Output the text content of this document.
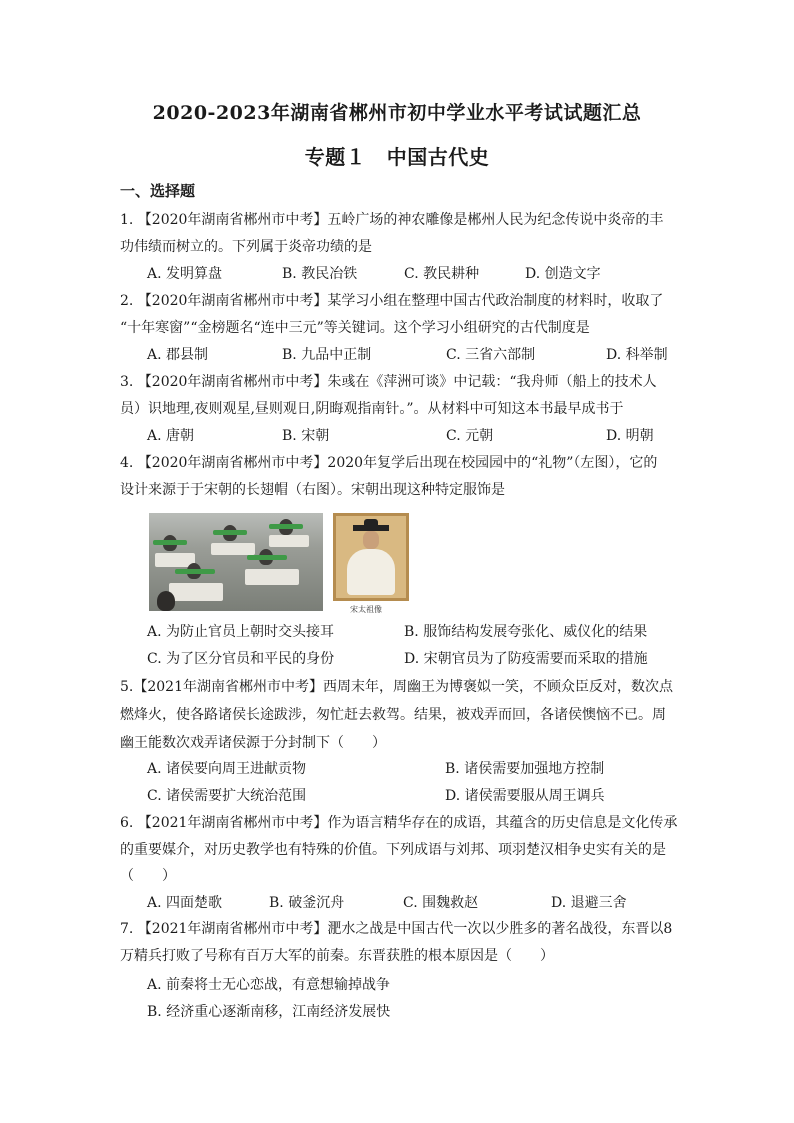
2020-2023年湖南省郴州市初中学业水平考试试题汇总
专题１　中国古代史
一、选择题
1. 【2020年湖南省郴州市中考】五岭广场的神农雕像是郴州人民为纪念传说中炎帝的丰
功伟绩而树立的。下列属于炎帝功绩的是
A. 发明算盘	B. 教民冶铁	C. 教民耕种	D. 创造文字
2. 【2020年湖南省郴州市中考】某学习小组在整理中国古代政治制度的材料时，收取了
“十年寒窗”“金榜题名“连中三元”等关键词。这个学习小组研究的古代制度是
A. 郡县制	B. 九品中正制	C. 三省六部制	D. 科举制
3. 【2020年湖南省郴州市中考】朱彧在《萍洲可谈》中记载：“我舟师（船上的技术人
员）识地理,夜则观星,昼则观日,阴晦观指南针。”。从材料中可知这本书最早成书于
A. 唐朝	B. 宋朝	C. 元朝	D. 明朝
4. 【2020年湖南省郴州市中考】2020年复学后出现在校园园中的“礼物”（左图），它的
设计来源于于宋朝的长翅帽（右图）。宋朝出现这种特定服饰是
宋太祖像
A. 为防止官员上朝时交头接耳	B. 服饰结构发展夸张化、威仪化的结果
C. 为了区分官员和平民的身份	D. 宋朝官员为了防疫需要而采取的措施
5.【2021年湖南省郴州市中考】西周末年，周幽王为博褒姒一笑，不顾众臣反对，数次点
燃烽火，使各路诸侯长途跋涉，匆忙赶去救驾。结果，被戏弄而回，各诸侯懊恼不已。周
幽王能数次戏弄诸侯源于分封制下（　　）
A. 诸侯要向周王进献贡物	B. 诸侯需要加强地方控制
C. 诸侯需要扩大统治范围	D. 诸侯需要服从周王调兵
6. 【2021年湖南省郴州市中考】作为语言精华存在的成语，其蕴含的历史信息是文化传承
的重要媒介，对历史教学也有特殊的价值。下列成语与刘邦、项羽楚汉相争史实有关的是
（　　）
A. 四面楚歌	B. 破釜沉舟	C. 围魏救赵	D. 退避三舍
7. 【2021年湖南省郴州市中考】淝水之战是中国古代一次以少胜多的著名战役，东晋以8
万精兵打败了号称有百万大军的前秦。东晋获胜的根本原因是（　　）
A. 前秦将士无心恋战，有意想输掉战争
B. 经济重心逐渐南移，江南经济发展快
